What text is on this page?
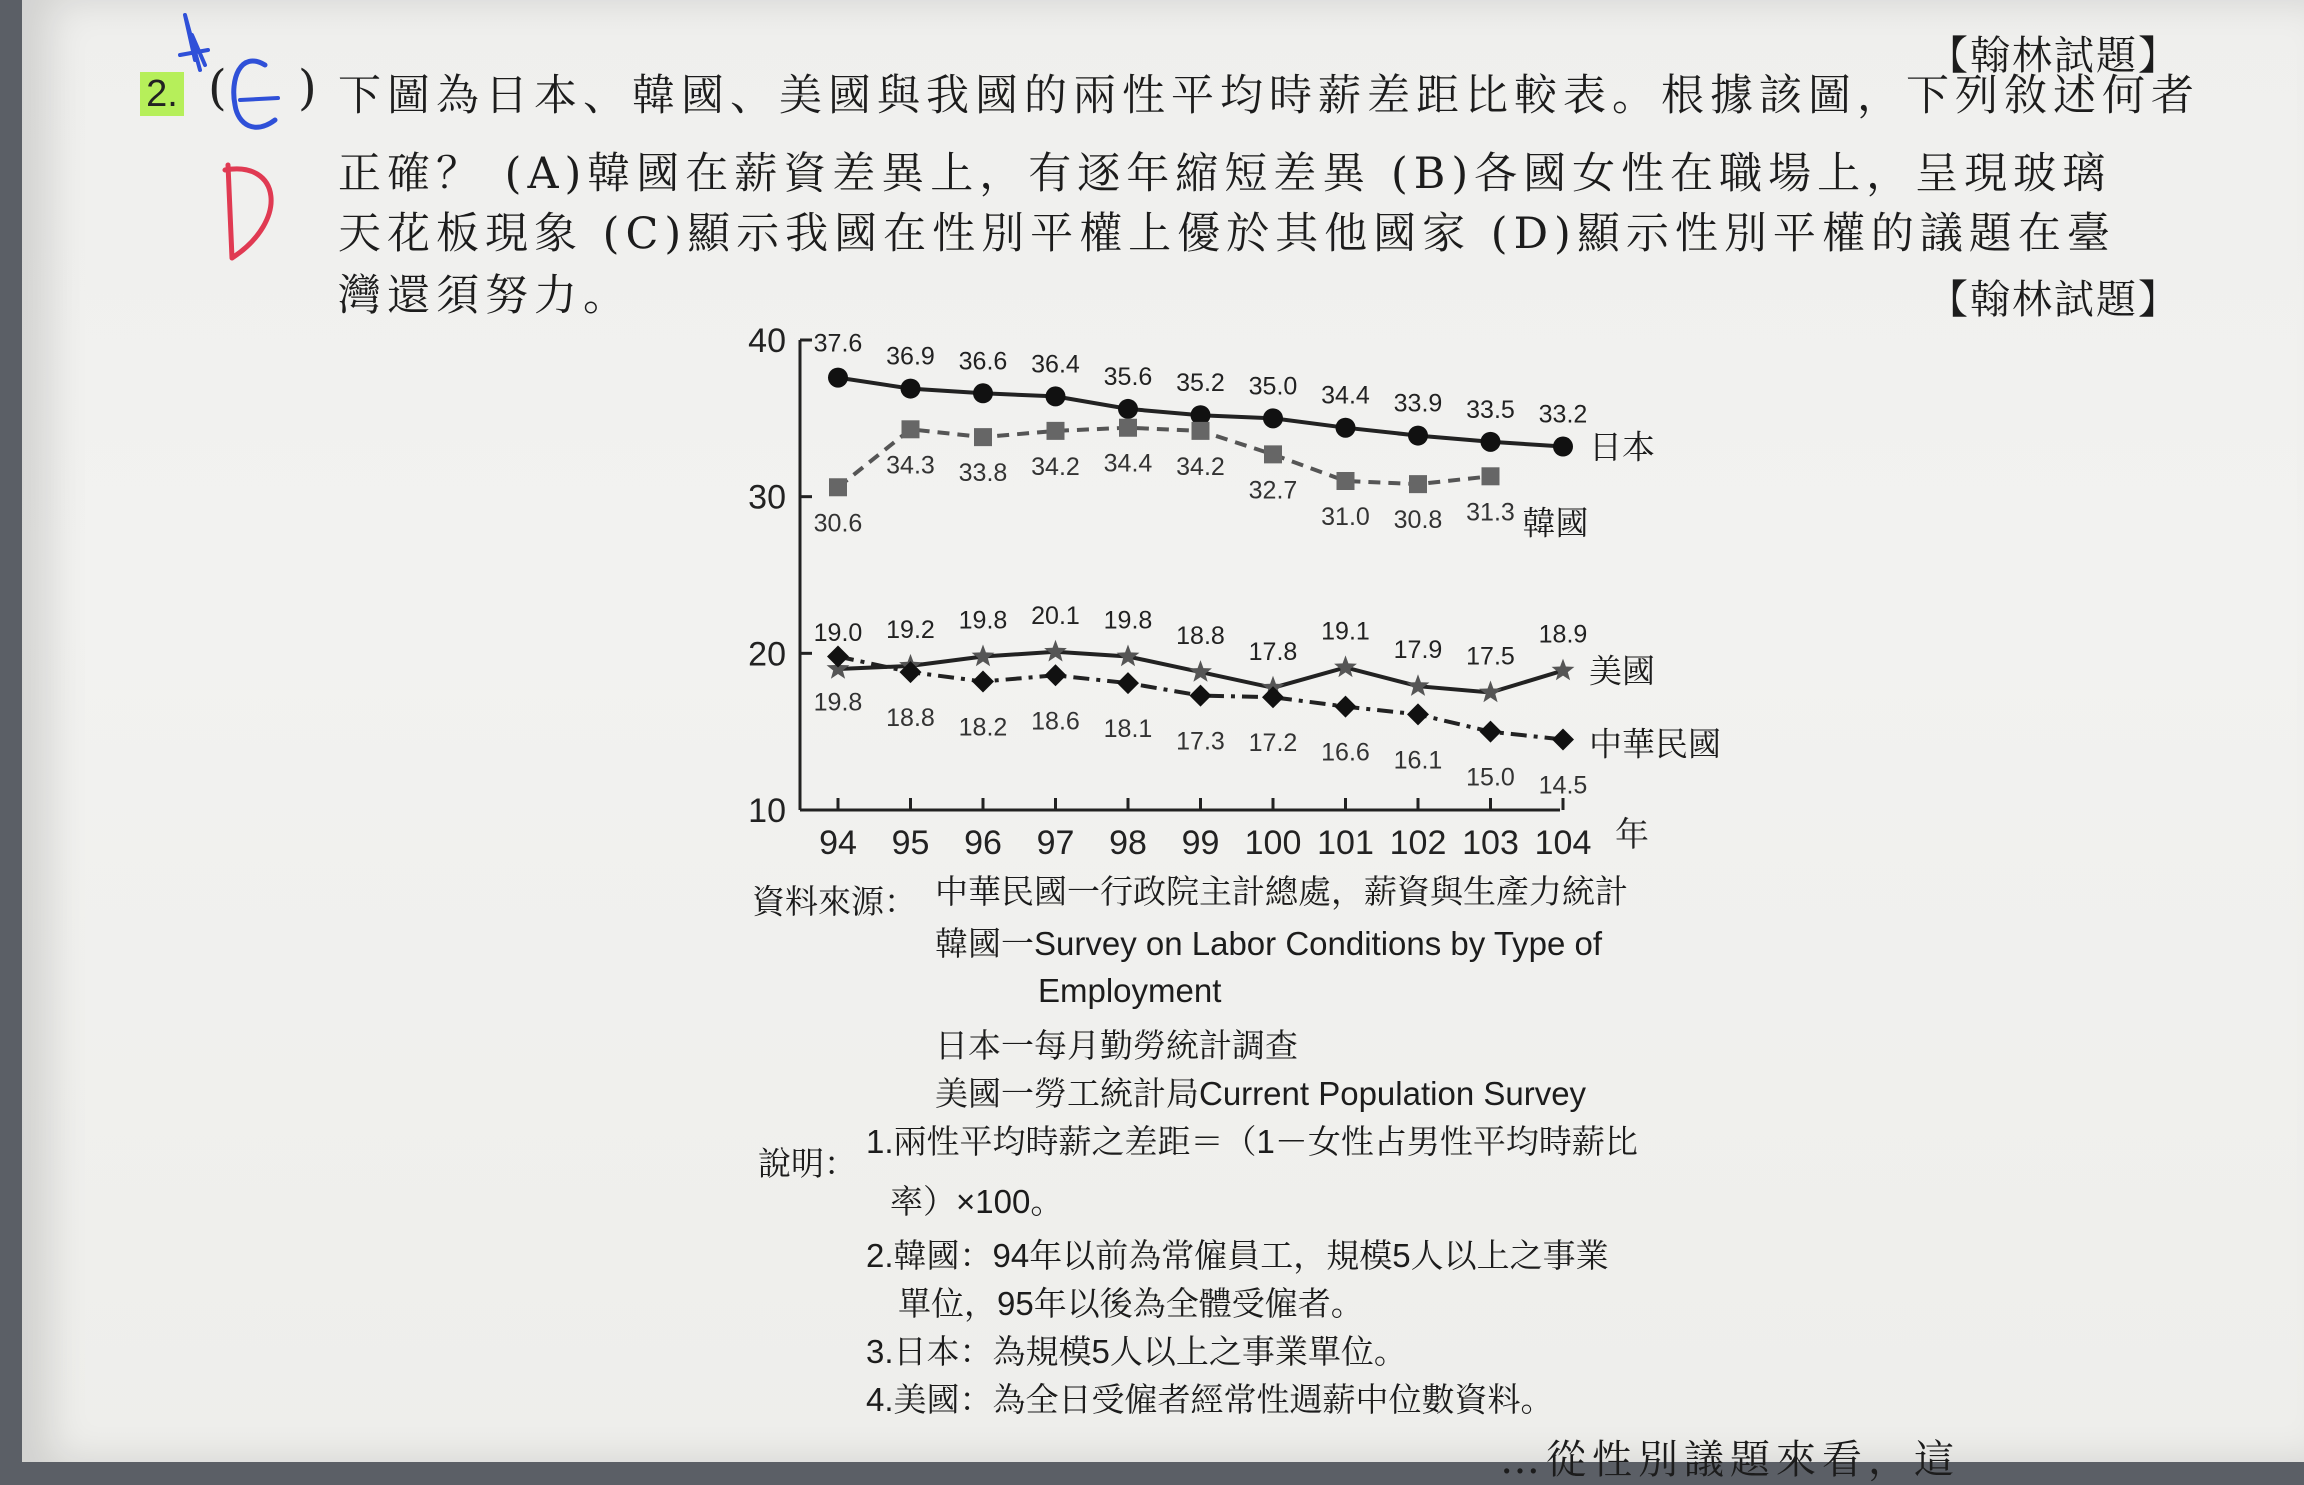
【翰林試題】
2. ( ) 下圖為日本、韓國、美國與我國的兩性平均時薪差距比較表。根據該圖，下列敘述何者
正確？ (A)韓國在薪資差異上，有逐年縮短差異 (B)各國女性在職場上，呈現玻璃
天花板現象 (C)顯示我國在性別平權上優於其他國家 (D)顯示性別平權的議題在臺
灣還須努力。	【翰林試題】
10
20
30
40
94 95 96 97 98 99 100 101 102 103 104 年
37.6 36.9 36.6 36.4 35.6 35.2 35.0 34.4 33.9 33.5 33.2
日本
30.6
34.3 33.8 34.2 34.4 34.2
32.7
31.0 30.8 31.3 韓國
19.0 19.2 19.8 20.1 19.8
18.8
17.8
19.1
17.9 17.5
18.9
美國
19.8
18.8 18.2 18.6 18.1 17.3 17.2 16.6 16.1
15.0 14.5
中華民國
資料來源： 中華民國一行政院主計總處，薪資與生產力統計
韓國一Survey on Labor Conditions by Type of
Employment
日本一每月勤勞統計調查
美國一勞工統計局Current Population Survey
說明：
1.兩性平均時薪之差距＝（1－女性占男性平均時薪比
率）×100。
2.韓國：94年以前為常僱員工，規模5人以上之事業
單位，95年以後為全體受僱者。
3.日本：為規模5人以上之事業單位。
4.美國：為全日受僱者經常性週薪中位數資料。
…從性別議題來看，這
